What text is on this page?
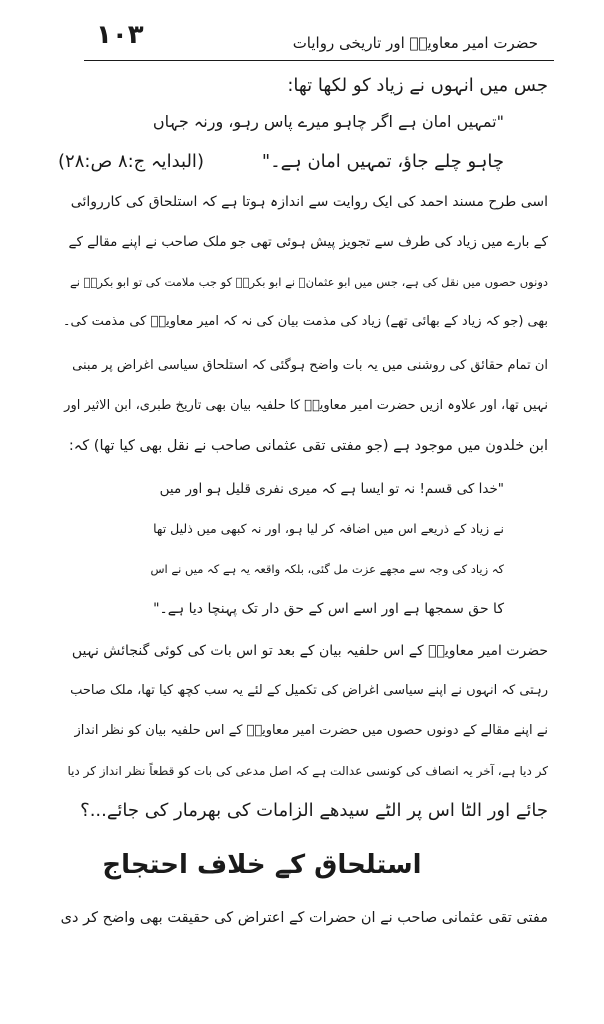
۱۰۳	حضرت امیر معاویہؓ اور تاریخی روایات
جس میں انہوں نے زیاد کو لکھا تھا:
"تمہیں امان ہے اگر چاہو میرے پاس رہو، ورنہ جہاں
چاہو چلے جاؤ، تمہیں امان ہے۔"
(البدایہ ج:۸ ص:۲۸)
اسی طرح مسند احمد کی ایک روایت سے اندازہ ہوتا ہے کہ استلحاق کی کارروائی
کے بارے میں زیاد کی طرف سے تجویز پیش ہوئی تھی جو ملک صاحب نے اپنے مقالے کے
دونوں حصوں میں نقل کی ہے، جس میں ابو عثمانؒ نے ابو بکرہؓ کو جب ملامت کی تو ابو بکرہؓ نے
بھی (جو کہ زیاد کے بھائی تھے) زیاد کی مذمت بیان کی نہ کہ امیر معاویہؓ کی مذمت کی۔
ان تمام حقائق کی روشنی میں یہ بات واضح ہوگئی کہ استلحاق سیاسی اغراض پر مبنی
نہیں تھا، اور علاوہ ازیں حضرت امیر معاویہؓ کا حلفیہ بیان بھی تاریخ طبری، ابن الاثیر اور
ابن خلدون میں موجود ہے (جو مفتی تقی عثمانی صاحب نے نقل بھی کیا تھا) کہ:
"خدا کی قسم! نہ تو ایسا ہے کہ میری نفری قلیل ہو اور میں
نے زیاد کے ذریعے اس میں اضافہ کر لیا ہو، اور نہ کبھی میں ذلیل تھا
کہ زیاد کی وجہ سے مجھے عزت مل گئی، بلکہ واقعہ یہ ہے کہ میں نے اس
کا حق سمجھا ہے اور اسے اس کے حق دار تک پہنچا دیا ہے۔"
حضرت امیر معاویہؓ کے اس حلفیہ بیان کے بعد تو اس بات کی کوئی گنجائش نہیں
رہتی کہ انہوں نے اپنے سیاسی اغراض کی تکمیل کے لئے یہ سب کچھ کیا تھا، ملک صاحب
نے اپنے مقالے کے دونوں حصوں میں حضرت امیر معاویہؓ کے اس حلفیہ بیان کو نظر انداز
کر دیا ہے، آخر یہ انصاف کی کونسی عدالت ہے کہ اصل مدعی کی بات کو قطعاً نظر انداز کر دیا
جائے اور الٹا اس پر الٹے سیدھے الزامات کی بھرمار کی جائے...؟
استلحاق کے خلاف احتجاج
مفتی تقی عثمانی صاحب نے ان حضرات کے اعتراض کی حقیقت بھی واضح کر دی
